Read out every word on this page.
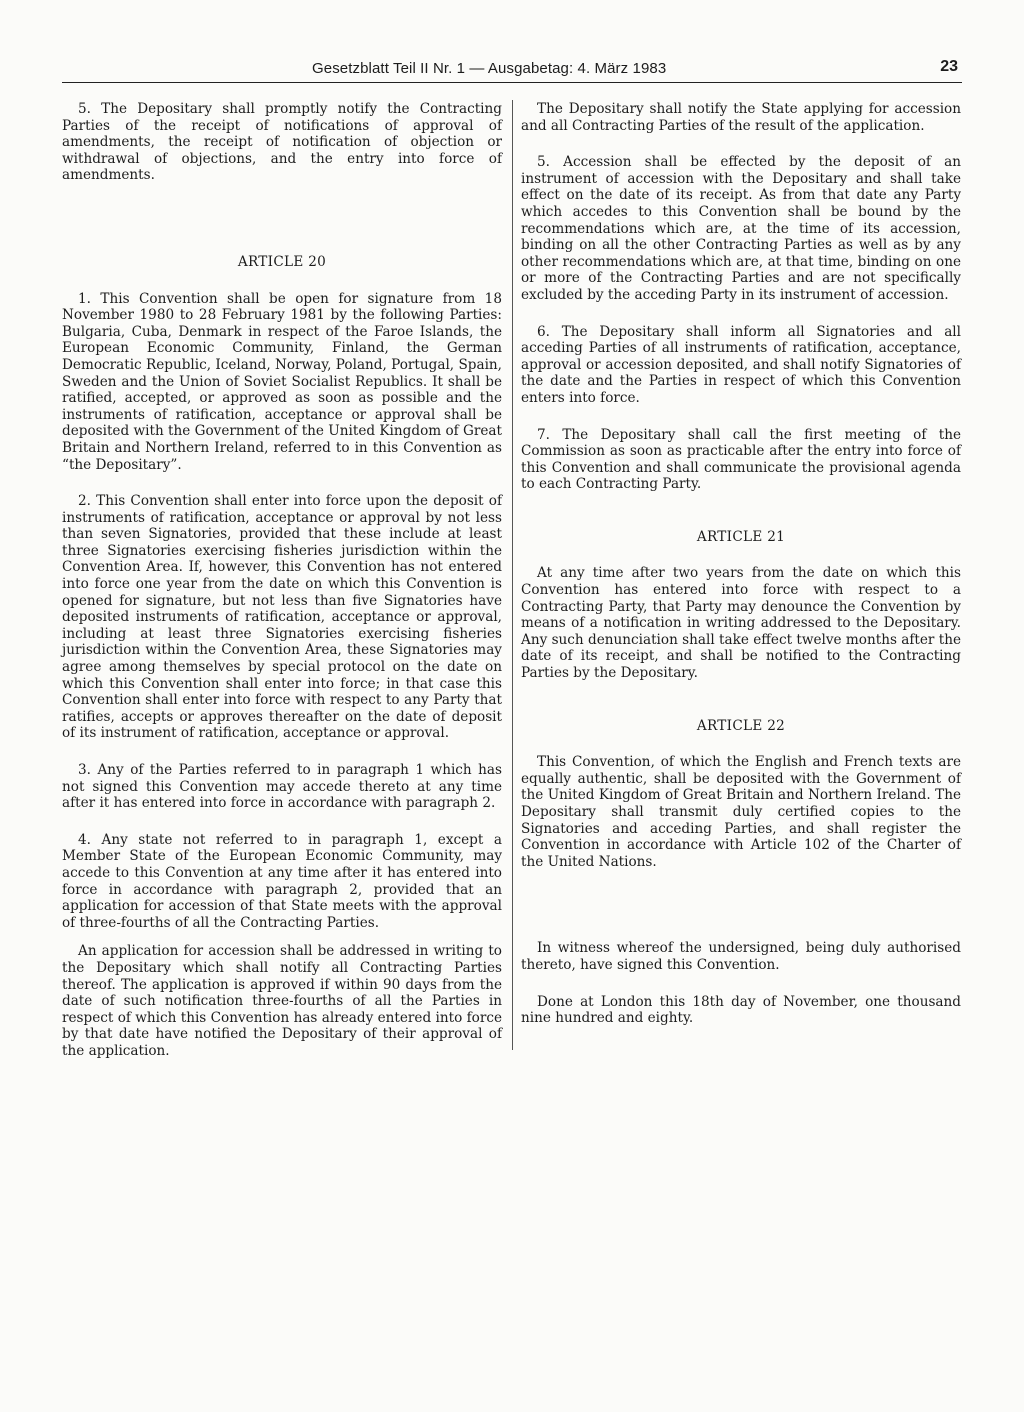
Gesetzblatt Teil II Nr. 1 — Ausgabetag: 4. März 1983	23

5. The Depositary shall promptly notify the Contracting Parties of the receipt of notifications of approval of amendments, the receipt of notification of objection or withdrawal of objections, and the entry into force of amendments.

ARTICLE 20

1. This Convention shall be open for signature from 18 November 1980 to 28 February 1981 by the following Parties: Bulgaria, Cuba, Denmark in respect of the Faroe Islands, the European Economic Community, Finland, the German Democratic Republic, Iceland, Norway, Poland, Portugal, Spain, Sweden and the Union of Soviet Socialist Republics. It shall be ratified, accepted, or approved as soon as possible and the instruments of ratification, acceptance or approval shall be deposited with the Government of the United Kingdom of Great Britain and Northern Ireland, referred to in this Convention as “the Depositary”.

2. This Convention shall enter into force upon the deposit of instruments of ratification, acceptance or approval by not less than seven Signatories, provided that these include at least three Signatories exercising fisheries jurisdiction within the Convention Area. If, however, this Convention has not entered into force one year from the date on which this Convention is opened for signature, but not less than five Signatories have deposited instruments of ratification, acceptance or approval, including at least three Signatories exercising fisheries jurisdiction within the Convention Area, these Signatories may agree among themselves by special protocol on the date on which this Convention shall enter into force; in that case this Convention shall enter into force with respect to any Party that ratifies, accepts or approves thereafter on the date of deposit of its instrument of ratification, acceptance or approval.

3. Any of the Parties referred to in paragraph 1 which has not signed this Convention may accede thereto at any time after it has entered into force in accordance with paragraph 2.

4. Any state not referred to in paragraph 1, except a Member State of the European Economic Community, may accede to this Convention at any time after it has entered into force in accordance with paragraph 2, provided that an application for accession of that State meets with the approval of three-fourths of all the Contracting Parties.

An application for accession shall be addressed in writing to the Depositary which shall notify all Contracting Parties thereof. The application is approved if within 90 days from the date of such notification three-fourths of all the Parties in respect of which this Convention has already entered into force by that date have notified the Depositary of their approval of the application.

The Depositary shall notify the State applying for accession and all Contracting Parties of the result of the application.

5. Accession shall be effected by the deposit of an instrument of accession with the Depositary and shall take effect on the date of its receipt. As from that date any Party which accedes to this Convention shall be bound by the recommendations which are, at the time of its accession, binding on all the other Contracting Parties as well as by any other recommendations which are, at that time, binding on one or more of the Contracting Parties and are not specifically excluded by the acceding Party in its instrument of accession.

6. The Depositary shall inform all Signatories and all acceding Parties of all instruments of ratification, acceptance, approval or accession deposited, and shall notify Signatories of the date and the Parties in respect of which this Convention enters into force.

7. The Depositary shall call the first meeting of the Commission as soon as practicable after the entry into force of this Convention and shall communicate the provisional agenda to each Contracting Party.

ARTICLE 21

At any time after two years from the date on which this Convention has entered into force with respect to a Contracting Party, that Party may denounce the Convention by means of a notification in writing addressed to the Depositary. Any such denunciation shall take effect twelve months after the date of its receipt, and shall be notified to the Contracting Parties by the Depositary.

ARTICLE 22

This Convention, of which the English and French texts are equally authentic, shall be deposited with the Government of the United Kingdom of Great Britain and Northern Ireland. The Depositary shall transmit duly certified copies to the Signatories and acceding Parties, and shall register the Convention in accordance with Article 102 of the Charter of the United Nations.

In witness whereof the undersigned, being duly authorised thereto, have signed this Convention.

Done at London this 18th day of November, one thousand nine hundred and eighty.
